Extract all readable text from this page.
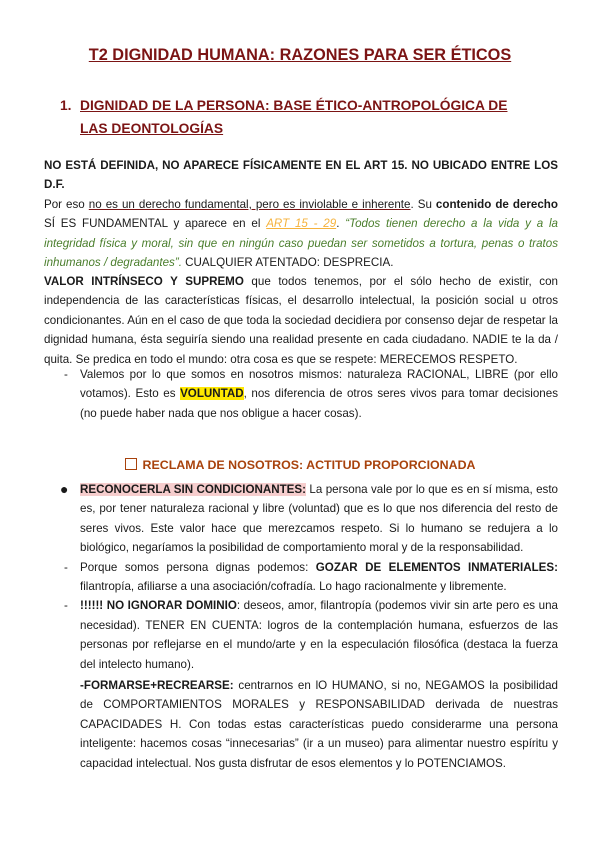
T2 DIGNIDAD HUMANA: RAZONES PARA SER ÉTICOS
1. DIGNIDAD DE LA PERSONA: BASE ÉTICO-ANTROPOLÓGICA DE LAS DEONTOLOGÍAS
NO ESTÁ DEFINIDA, NO APARECE FÍSICAMENTE EN EL ART 15. NO UBICADO ENTRE LOS D.F.
Por eso no es un derecho fundamental, pero es inviolable e inherente. Su contenido de derecho SÍ ES FUNDAMENTAL y aparece en el ART 15 - 29. “Todos tienen derecho a la vida y a la integridad física y moral, sin que en ningún caso puedan ser sometidos a tortura, penas o tratos inhumanos / degradantes”. CUALQUIER ATENTADO: DESPRECIA.
VALOR INTRÍNSECO Y SUPREMO que todos tenemos, por el sólo hecho de existir, con independencia de las características físicas, el desarrollo intelectual, la posición social u otros condicionantes. Aún en el caso de que toda la sociedad decidiera por consenso dejar de respetar la dignidad humana, ésta seguiría siendo una realidad presente en cada ciudadano. NADIE te la da / quita. Se predica en todo el mundo: otra cosa es que se respete: MERECEMOS RESPETO.
- Valemos por lo que somos en nosotros mismos: naturaleza RACIONAL, LIBRE (por ello votamos). Esto es VOLUNTAD, nos diferencia de otros seres vivos para tomar decisiones (no puede haber nada que nos obligue a hacer cosas).
RECLAMA DE NOSOTROS: ACTITUD PROPORCIONADA
● RECONOCERLA SIN CONDICIONANTES: La persona vale por lo que es en sí misma, esto es, por tener naturaleza racional y libre (voluntad) que es lo que nos diferencia del resto de seres vivos. Este valor hace que merezcamos respeto. Si lo humano se redujera a lo biológico, negaríamos la posibilidad de comportamiento moral y de la responsabilidad.
- Porque somos persona dignas podemos: GOZAR DE ELEMENTOS INMATERIALES: filantropía, afiliarse a una asociación/cofradía. Lo hago racionalmente y libremente.
- !!!!!! NO IGNORAR DOMINIO: deseos, amor, filantropía (podemos vivir sin arte pero es una necesidad). TENER EN CUENTA: logros de la contemplación humana, esfuerzos de las personas por reflejarse en el mundo/arte y en la especulación filosófica (destaca la fuerza del intelecto humano).
-FORMARSE+RECREARSE: centrarnos en lO HUMANO, si no, NEGAMOS la posibilidad de COMPORTAMIENTOS MORALES y RESPONSABILIDAD derivada de nuestras CAPACIDADES H. Con todas estas características puedo considerarme una persona inteligente: hacemos cosas “innecesarias” (ir a un museo) para alimentar nuestro espíritu y capacidad intelectual. Nos gusta disfrutar de esos elementos y lo POTENCIAMOS.
